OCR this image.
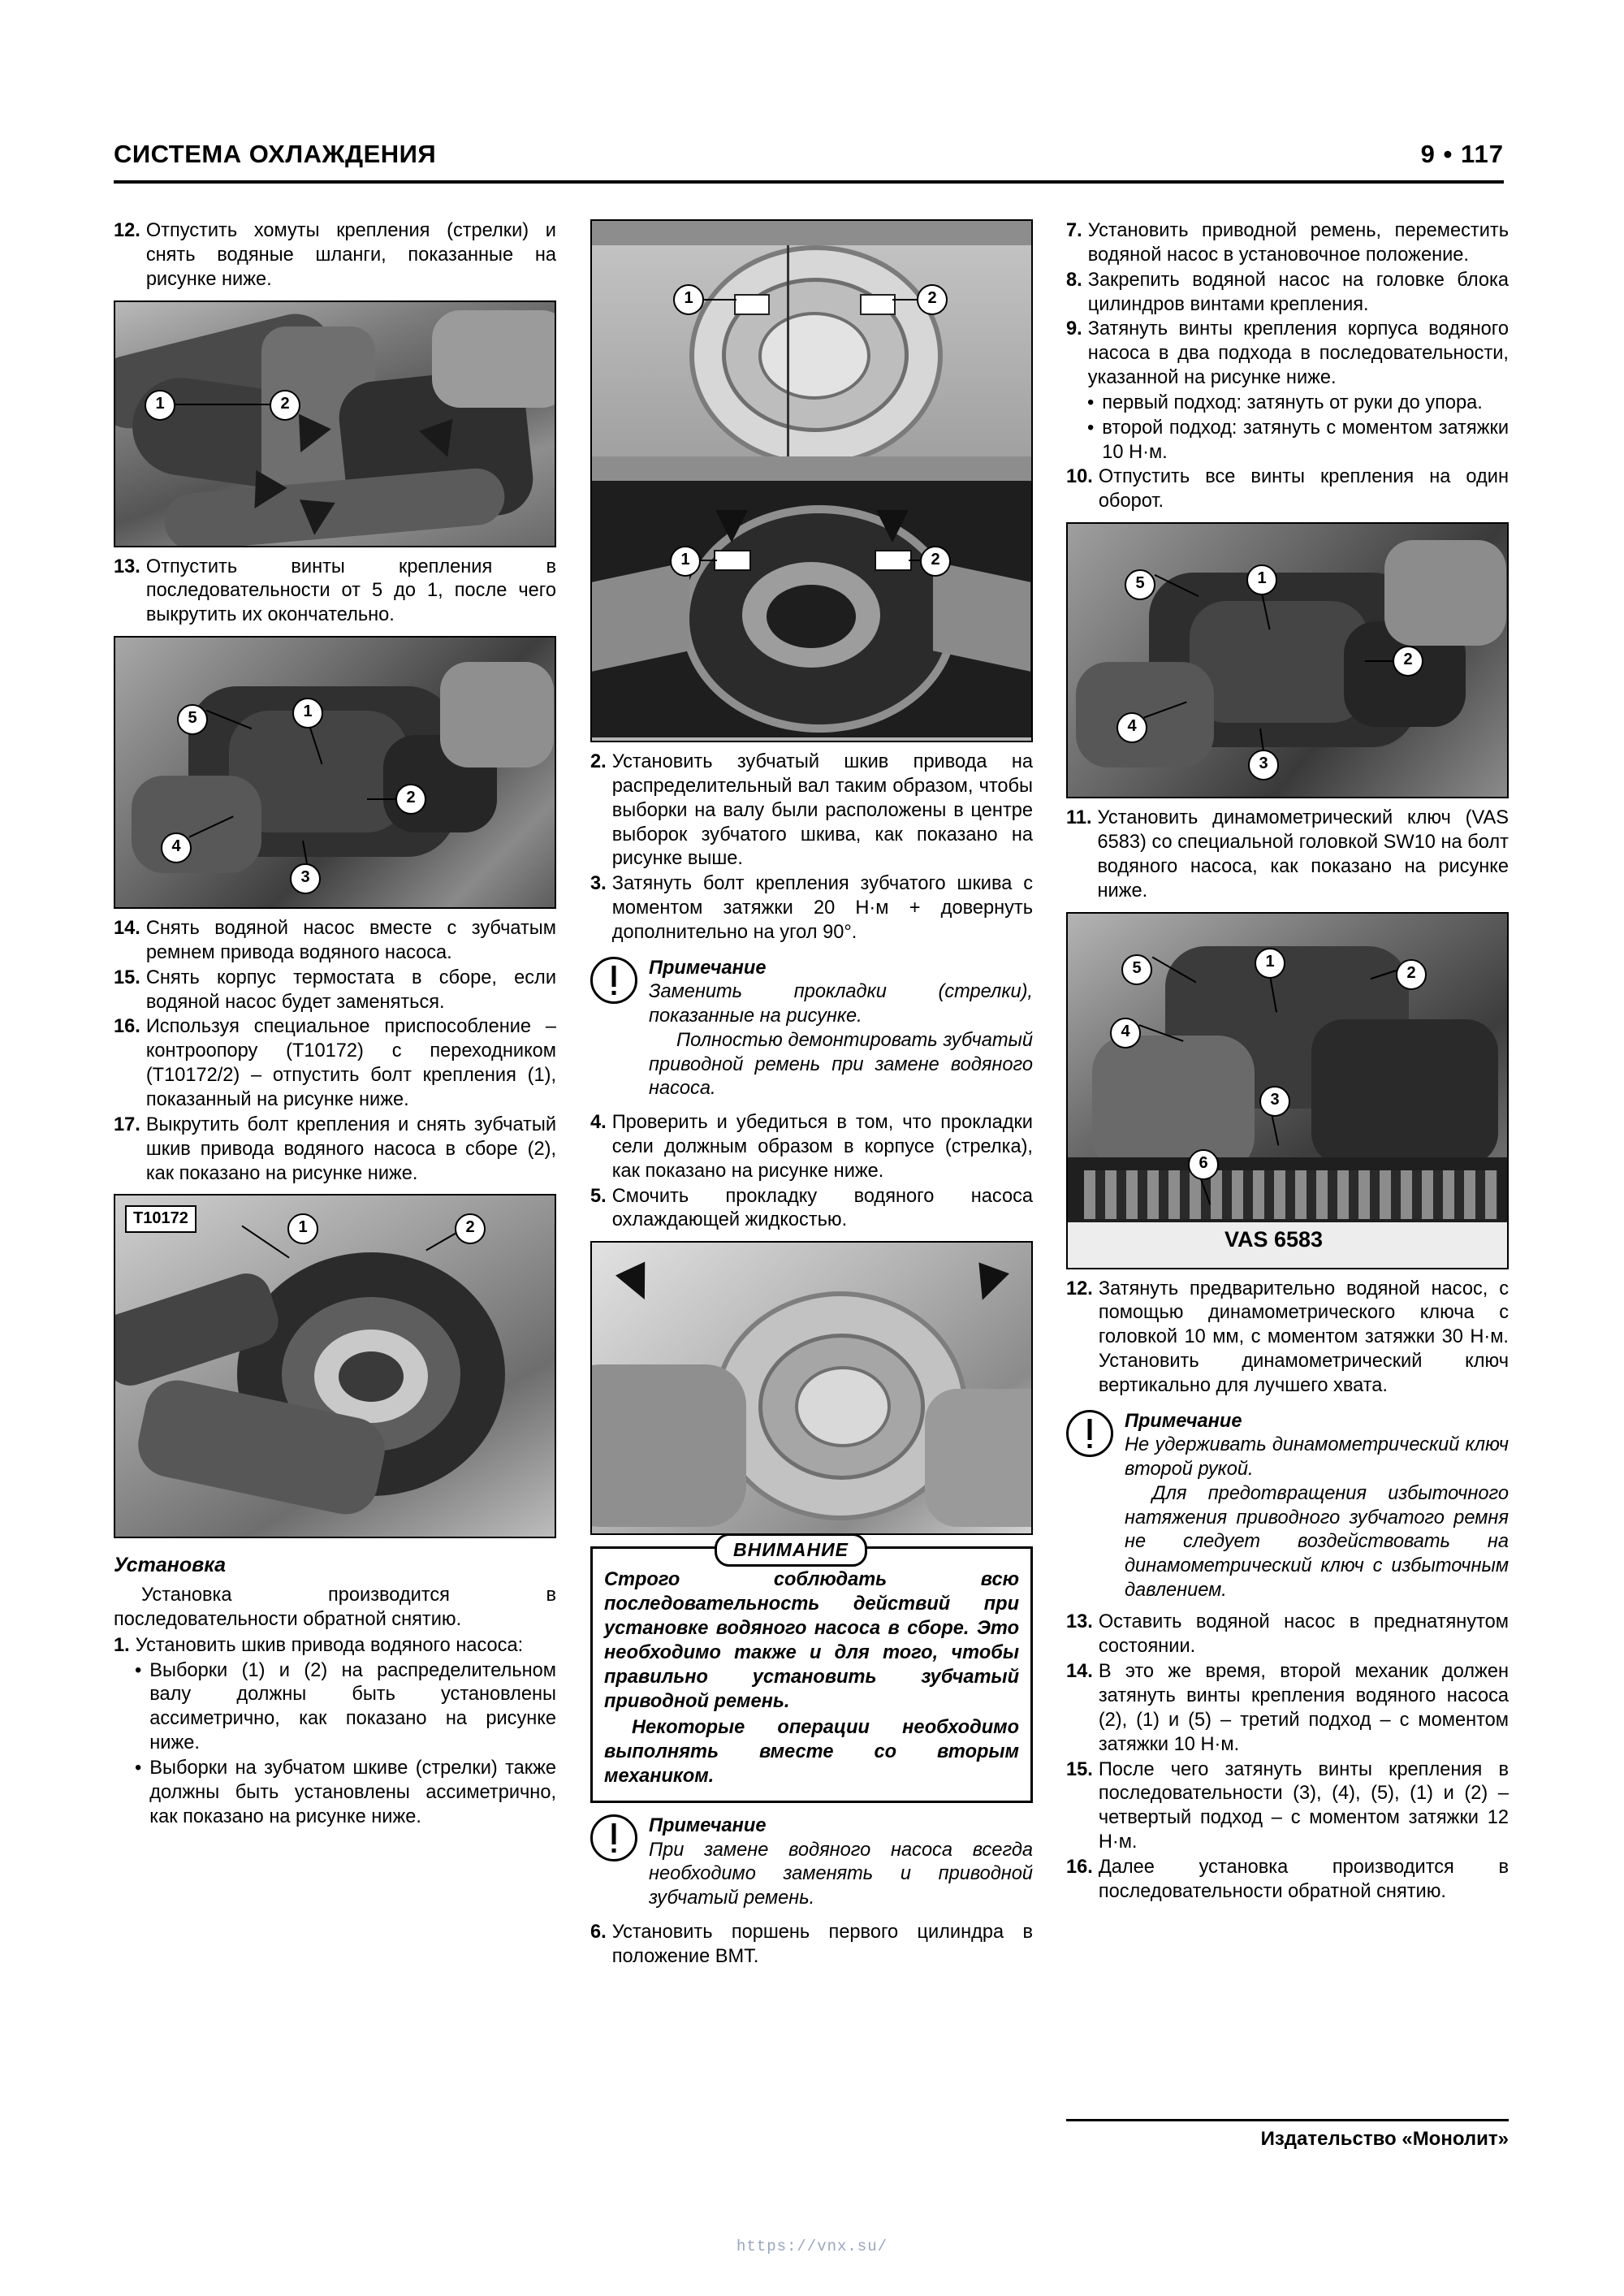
СИСТЕМА ОХЛАЖДЕНИЯ	9 • 117
12. Отпустить хомуты крепления (стрелки) и снять водяные шланги, показанные на рисунке ниже.
1	2
13. Отпустить винты крепления в последовательности от 5 до 1, после чего выкрутить их окончательно.
5	1
2
4
3
14. Снять водяной насос вместе с зубчатым ремнем привода водяного насоса.
15. Снять корпус термостата в сборе, если водяной насос будет заменяться.
16. Используя специальное приспособление – контроопору (T10172) с переходником (T10172/2) – отпустить болт крепления (1), показанный на рисунке ниже.
17. Выкрутить болт крепления и снять зубчатый шкив привода водяного насоса в сборе (2), как показано на рисунке ниже.
T10172	1	2
Установка

Установка производится в последовательности обратной снятию.

1. Установить шкив привода водяного насоса:
• Выборки (1) и (2) на распределительном валу должны быть установлены ассиметрично, как показано на рисунке ниже.
• Выборки на зубчатом шкиве (стрелки) также должны быть установлены ассиметрично, как показано на рисунке ниже.
1	2
1	2
2. Установить зубчатый шкив привода на распределительный вал таким образом, чтобы выборки на валу были расположены в центре выборок зубчатого шкива, как показано на рисунке выше.
3. Затянуть болт крепления зубчатого шкива с моментом затяжки 20 Н·м + довернуть дополнительно на угол 90°.
Примечание
Заменить прокладки (стрелки), показанные на рисунке.
Полностью демонтировать зубчатый приводной ремень при замене водяного насоса.
4. Проверить и убедиться в том, что прокладки сели должным образом в корпусе (стрелка), как показано на рисунке ниже.
5. Смочить прокладку водяного насоса охлаждающей жидкостью.
ВНИМАНИЕ
Строго соблюдать всю последовательность действий при установке водяного насоса в сборе. Это необходимо также и для того, чтобы правильно установить зубчатый приводной ремень.
Некоторые операции необходимо выполнять вместе со вторым механиком.
Примечание
При замене водяного насоса всегда необходимо заменять и приводной зубчатый ремень.
6. Установить поршень первого цилиндра в положение ВМТ.
7. Установить приводной ремень, переместить водяной насос в установочное положение.
8. Закрепить водяной насос на головке блока цилиндров винтами крепления.
9. Затянуть винты крепления корпуса водяного насоса в два подхода в последовательности, указанной на рисунке ниже.
• первый подход: затянуть от руки до упора.
• второй подход: затянуть с моментом затяжки 10 Н·м.
10. Отпустить все винты крепления на один оборот.
5	1
2
4
3
11. Установить динамометрический ключ (VAS 6583) со специальной головкой SW10 на болт водяного насоса, как показано на рисунке ниже.
VAS 6583
5	1
2
4
3
6
12. Затянуть предварительно водяной насос, с помощью динамометрического ключа с головкой 10 мм, с моментом затяжки 30 Н·м. Установить динамометрический ключ вертикально для лучшего хвата.
Примечание
Не удерживать динамометрический ключ второй рукой.
Для предотвращения избыточного натяжения приводного зубчатого ремня не следует воздействовать на динамометрический ключ с избыточным давлением.
13. Оставить водяной насос в преднатянутом состоянии.
14. В это же время, второй механик должен затянуть винты крепления водяного насоса (2), (1) и (5) – третий подход – с моментом затяжки 10 Н·м.
15. После чего затянуть винты крепления в последовательности (3), (4), (5), (1) и (2) – четвертый подход – с моментом затяжки 12 Н·м.
16. Далее установка производится в последовательности обратной снятию.
Издательство «Монолит»
https://vnx.su/
